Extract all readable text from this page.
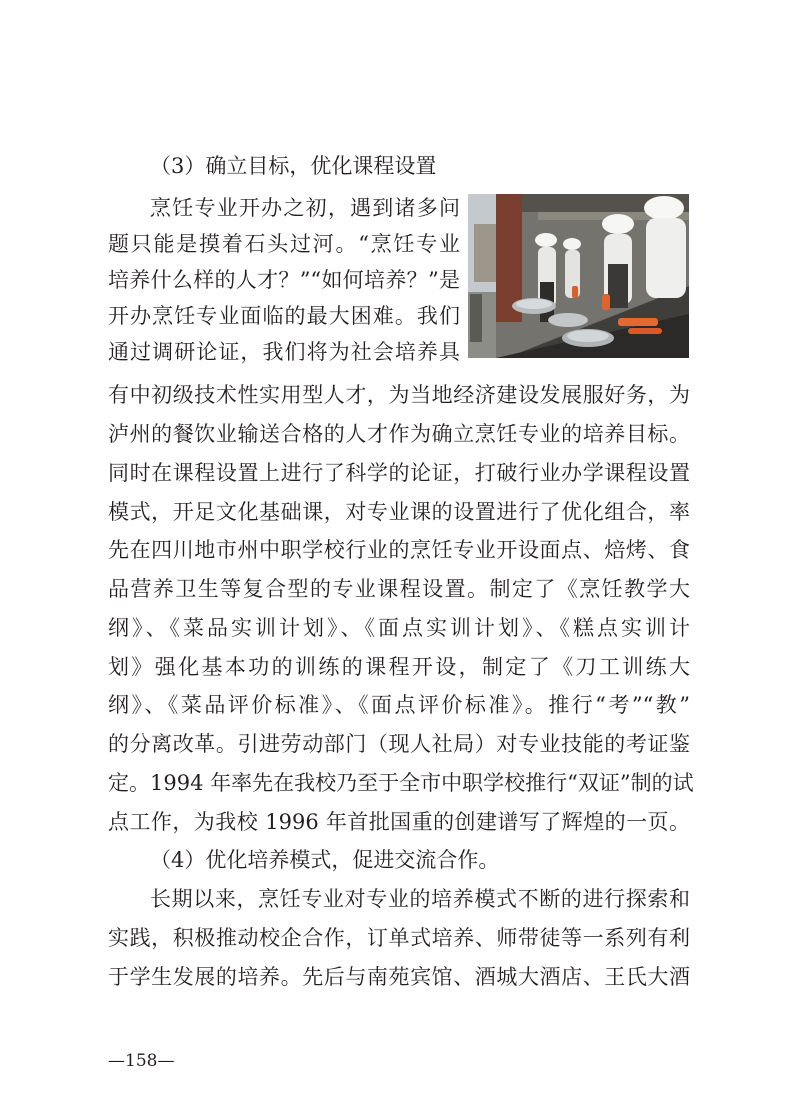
（3）确立目标，优化课程设置
烹饪专业开办之初，遇到诸多问
题只能是摸着石头过河。“烹饪专业
培养什么样的人才？”“如何培养？”是
开办烹饪专业面临的最大困难。我们
通过调研论证，我们将为社会培养具
有中初级技术性实用型人才，为当地经济建设发展服好务，为
泸州的餐饮业输送合格的人才作为确立烹饪专业的培养目标。
同时在课程设置上进行了科学的论证，打破行业办学课程设置
模式，开足文化基础课，对专业课的设置进行了优化组合，率
先在四川地市州中职学校行业的烹饪专业开设面点、焙烤、食
品营养卫生等复合型的专业课程设置。制定了《烹饪教学大
纲》、《菜品实训计划》、《面点实训计划》、《糕点实训计
划》强化基本功的训练的课程开设，制定了《刀工训练大
纲》、《菜品评价标准》、《面点评价标准》。推行“考”“教”
的分离改革。引进劳动部门（现人社局）对专业技能的考证鉴
定。1994 年率先在我校乃至于全市中职学校推行“双证”制的试
点工作，为我校 1996 年首批国重的创建谱写了辉煌的一页。
（4）优化培养模式，促进交流合作。
长期以来，烹饪专业对专业的培养模式不断的进行探索和
实践，积极推动校企合作，订单式培养、师带徒等一系列有利
于学生发展的培养。先后与南苑宾馆、酒城大酒店、王氏大酒
—158—
